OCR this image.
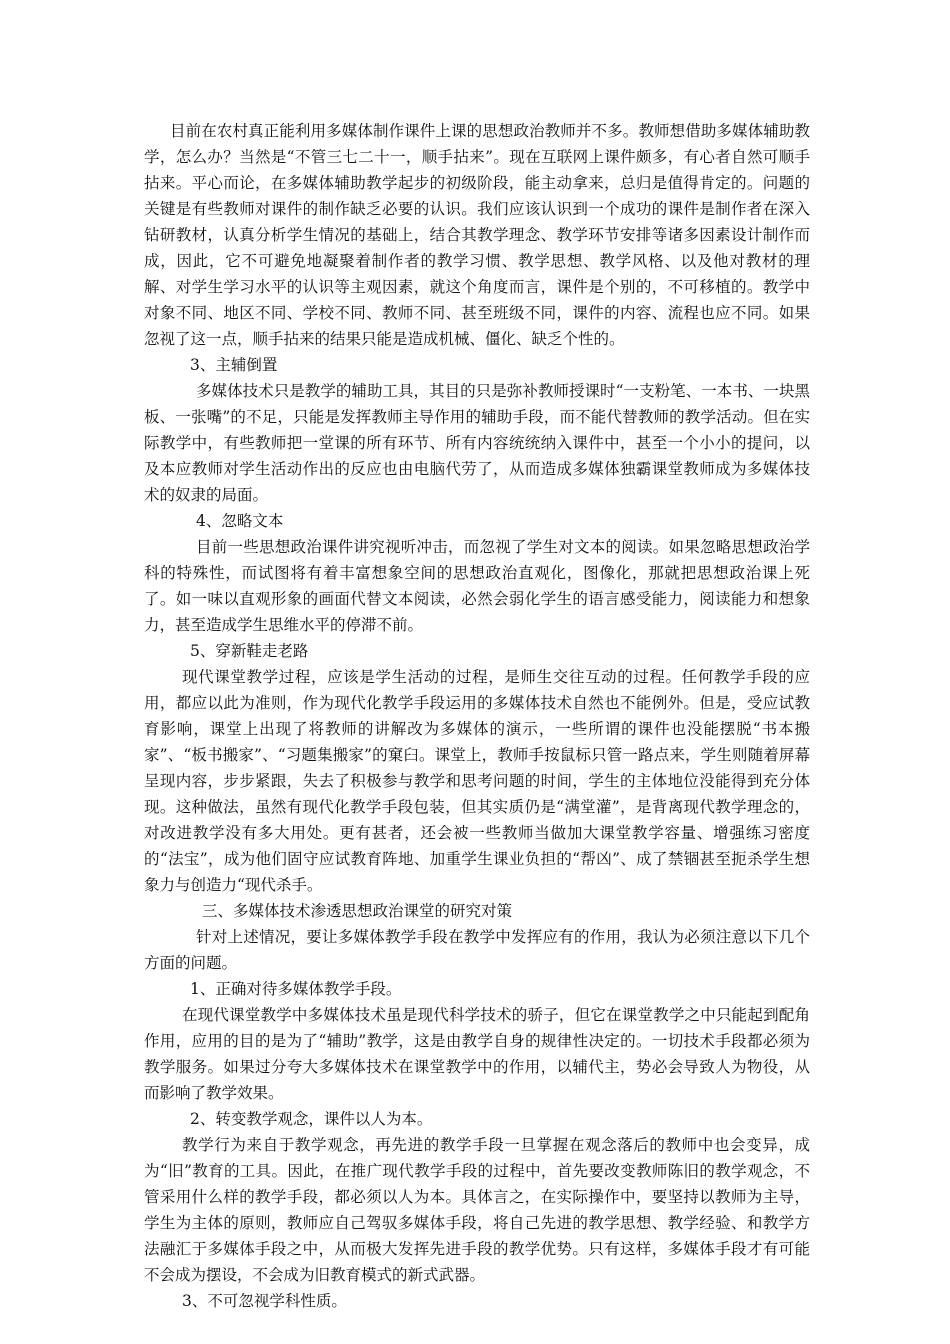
目前在农村真正能利用多媒体制作课件上课的思想政治教师并不多。教师想借助多媒体辅助教学，怎么办？当然是“不管三七二十一，顺手拈来”。现在互联网上课件颇多，有心者自然可顺手拈来。平心而论，在多媒体辅助教学起步的初级阶段，能主动拿来，总归是值得肯定的。问题的关键是有些教师对课件的制作缺乏必要的认识。我们应该认识到一个成功的课件是制作者在深入钻研教材，认真分析学生情况的基础上，结合其教学理念、教学环节安排等诸多因素设计制作而成，因此，它不可避免地凝聚着制作者的教学习惯、教学思想、教学风格、以及他对教材的理解、对学生学习水平的认识等主观因素，就这个角度而言，课件是个别的，不可移植的。教学中对象不同、地区不同、学校不同、教师不同、甚至班级不同，课件的内容、流程也应不同。如果忽视了这一点，顺手拈来的结果只能是造成机械、僵化、缺乏个性的。

3、主辅倒置

多媒体技术只是教学的辅助工具，其目的只是弥补教师授课时“一支粉笔、一本书、一块黑板、一张嘴”的不足，只能是发挥教师主导作用的辅助手段，而不能代替教师的教学活动。但在实际教学中，有些教师把一堂课的所有环节、所有内容统统纳入课件中，甚至一个小小的提问，以及本应教师对学生活动作出的反应也由电脑代劳了，从而造成多媒体独霸课堂教师成为多媒体技术的奴隶的局面。

4、忽略文本

目前一些思想政治课件讲究视听冲击，而忽视了学生对文本的阅读。如果忽略思想政治学科的特殊性，而试图将有着丰富想象空间的思想政治直观化，图像化，那就把思想政治课上死了。如一味以直观形象的画面代替文本阅读，必然会弱化学生的语言感受能力，阅读能力和想象力，甚至造成学生思维水平的停滞不前。

5、穿新鞋走老路

现代课堂教学过程，应该是学生活动的过程，是师生交往互动的过程。任何教学手段的应用，都应以此为准则，作为现代化教学手段运用的多媒体技术自然也不能例外。但是，受应试教育影响，课堂上出现了将教师的讲解改为多媒体的演示，一些所谓的课件也没能摆脱“书本搬家”、“板书搬家”、“习题集搬家”的窠臼。课堂上，教师手按鼠标只管一路点来，学生则随着屏幕呈现内容，步步紧跟，失去了积极参与教学和思考问题的时间，学生的主体地位没能得到充分体现。这种做法，虽然有现代化教学手段包装，但其实质仍是“满堂灌”，是背离现代教学理念的，对改进教学没有多大用处。更有甚者，还会被一些教师当做加大课堂教学容量、增强练习密度的“法宝”，成为他们固守应试教育阵地、加重学生课业负担的“帮凶”、成了禁锢甚至扼杀学生想象力与创造力“现代杀手。

三、多媒体技术渗透思想政治课堂的研究对策

针对上述情况，要让多媒体教学手段在教学中发挥应有的作用，我认为必须注意以下几个方面的问题。

1、正确对待多媒体教学手段。

在现代课堂教学中多媒体技术虽是现代科学技术的骄子，但它在课堂教学之中只能起到配角作用，应用的目的是为了“辅助”教学，这是由教学自身的规律性决定的。一切技术手段都必须为教学服务。如果过分夸大多媒体技术在课堂教学中的作用，以辅代主，势必会导致人为物役，从而影响了教学效果。

2、转变教学观念，课件以人为本。

教学行为来自于教学观念，再先进的教学手段一旦掌握在观念落后的教师中也会变异，成为“旧”教育的工具。因此，在推广现代教学手段的过程中，首先要改变教师陈旧的教学观念，不管采用什么样的教学手段，都必须以人为本。具体言之，在实际操作中，要坚持以教师为主导，学生为主体的原则，教师应自己驾驭多媒体手段，将自己先进的教学思想、教学经验、和教学方法融汇于多媒体手段之中，从而极大发挥先进手段的教学优势。只有这样，多媒体手段才有可能不会成为摆设，不会成为旧教育模式的新式武器。

3、不可忽视学科性质。
